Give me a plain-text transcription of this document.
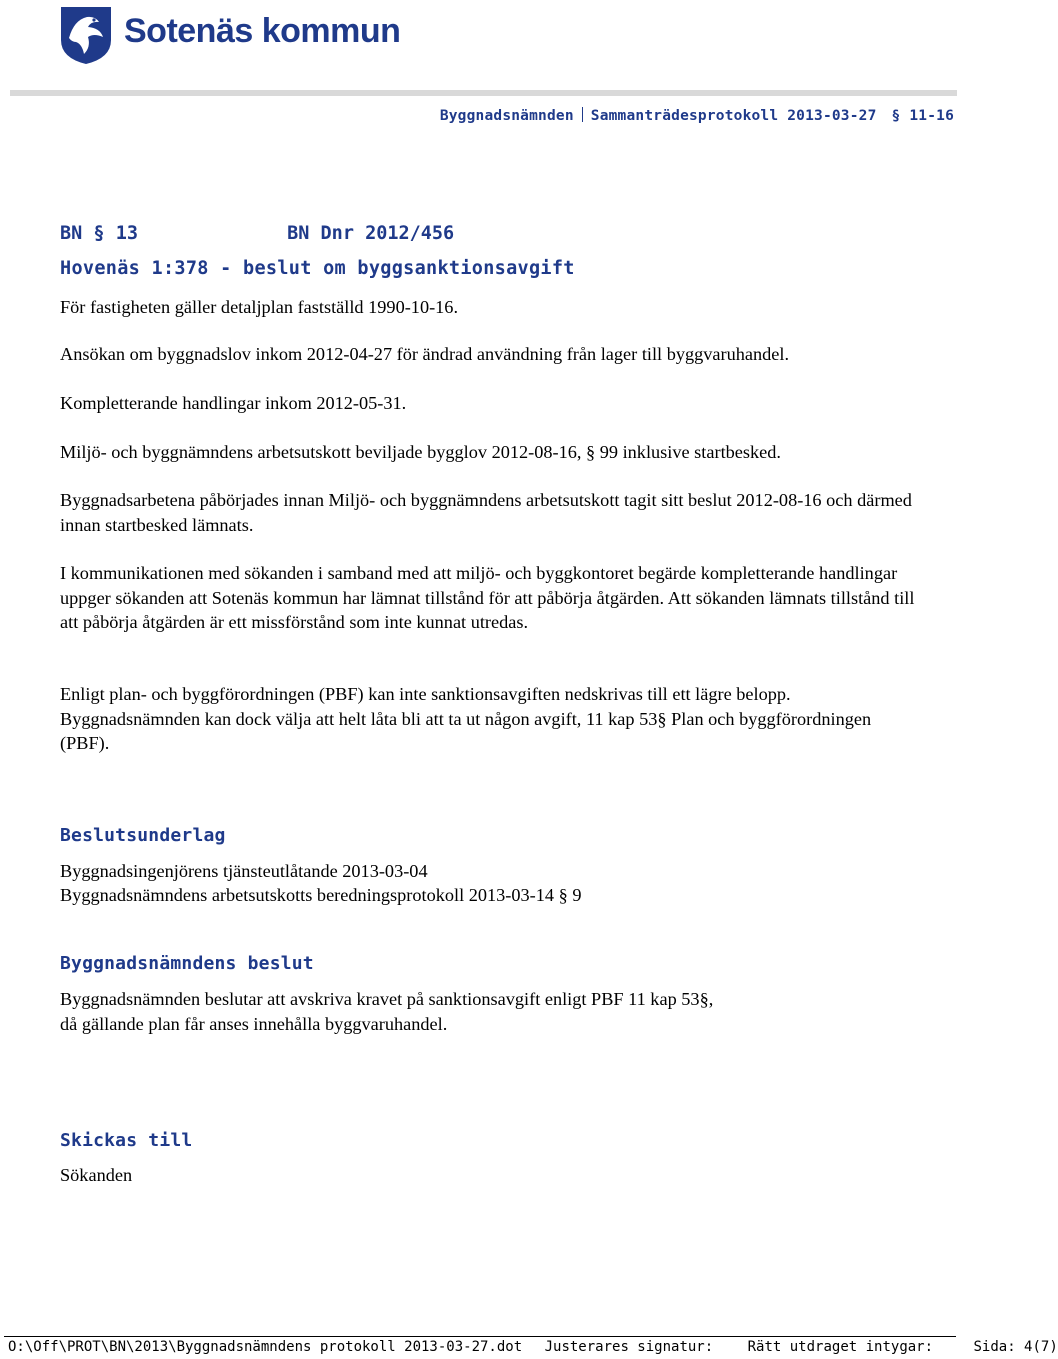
Sotenäs kommun
Byggnadsnämnden Sammanträdesprotokoll 2013-03-27 § 11-16
BN § 13	BN Dnr 2012/456
Hovenäs 1:378 - beslut om byggsanktionsavgift

För fastigheten gäller detaljplan fastställd 1990-10-16.

Ansökan om byggnadslov inkom 2012-04-27 för ändrad användning från lager till byggvaruhandel.

Kompletterande handlingar inkom 2012-05-31.

Miljö- och byggnämndens arbetsutskott beviljade bygglov 2012-08-16, § 99 inklusive startbesked.

Byggnadsarbetena påbörjades innan Miljö- och byggnämndens arbetsutskott tagit sitt beslut 2012-08-16 och därmed innan startbesked lämnats.

I kommunikationen med sökanden i samband med att miljö- och byggkontoret begärde kompletterande handlingar uppger sökanden att Sotenäs kommun har lämnat tillstånd för att påbörja åtgärden. Att sökanden lämnats tillstånd till att påbörja åtgärden är ett missförstånd som inte kunnat utredas.

Enligt plan- och byggförordningen (PBF) kan inte sanktionsavgiften nedskrivas till ett lägre belopp. Byggnadsnämnden kan dock välja att helt låta bli att ta ut någon avgift, 11 kap 53§ Plan och byggförordningen (PBF).

Beslutsunderlag

Byggnadsingenjörens tjänsteutlåtande 2013-03-04

Byggnadsnämndens arbetsutskotts beredningsprotokoll 2013-03-14 § 9

Byggnadsnämndens beslut

Byggnadsnämnden beslutar att avskriva kravet på sanktionsavgift enligt PBF 11 kap 53§,
då gällande plan får anses innehålla byggvaruhandel.

Skickas till

Sökanden

O:\Off\PROT\BN\2013\Byggnadsnämndens protokoll 2013-03-27.dot Justerares signatur: Rätt utdraget intygar:	Sida: 4(7)
